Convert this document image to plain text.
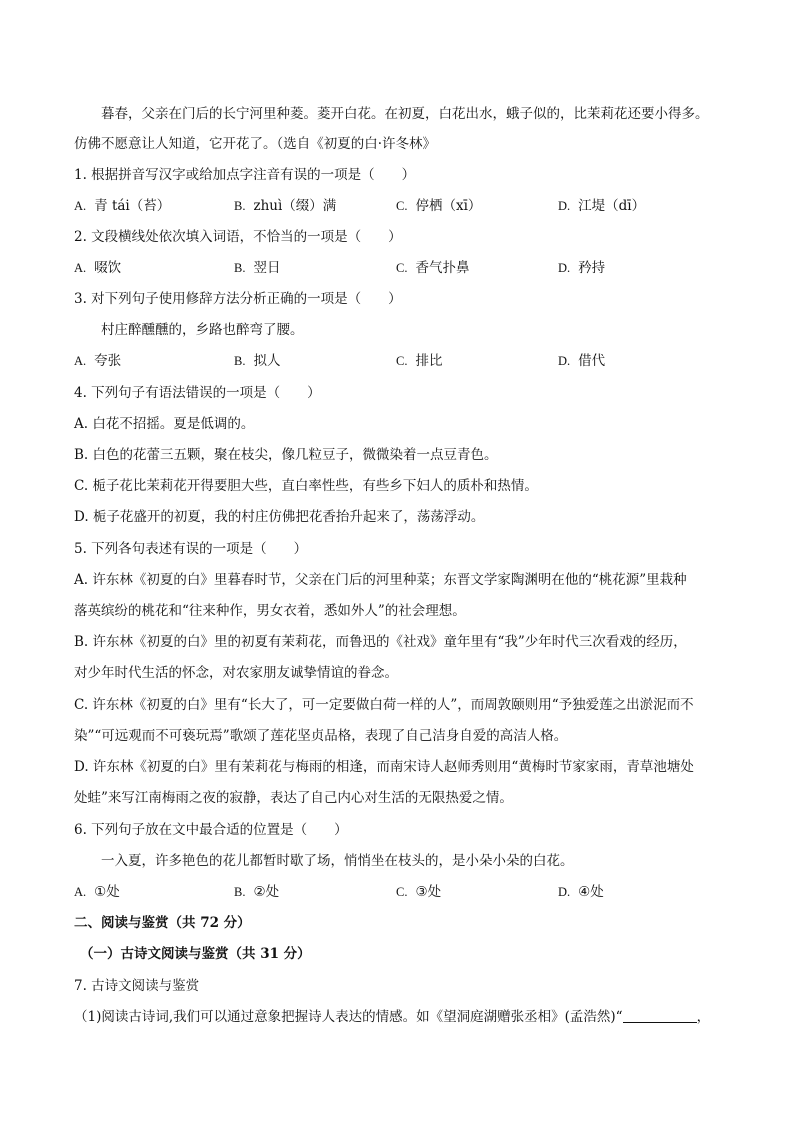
暮春，父亲在门后的长宁河里种菱。菱开白花。在初夏，白花出水，蛾子似的，比茉莉花还要小得多。
仿佛不愿意让人知道，它开花了。（选自《初夏的白·许冬林》
1. 根据拼音写汉字或给加点字注音有误的一项是（　　）
A. 青 tái（苔）	B. zhuì（缀）满	C. 停栖（xī）	D. 江堤（dī）
2. 文段横线处依次填入词语，不恰当的一项是（　　）
A. 啜饮	B. 翌日	C. 香气扑鼻	D. 矜持
3. 对下列句子使用修辞方法分析正确的一项是（　　）
村庄醉醺醺的，乡路也醉弯了腰。
A. 夸张	B. 拟人	C. 排比	D. 借代
4. 下列句子有语法错误的一项是（　　）
A. 白花不招摇。夏是低调的。
B. 白色的花蕾三五颗，聚在枝尖，像几粒豆子，微微染着一点豆青色。
C. 栀子花比茉莉花开得要胆大些，直白率性些，有些乡下妇人的质朴和热情。
D. 栀子花盛开的初夏，我的村庄仿佛把花香抬升起来了，荡荡浮动。
5. 下列各句表述有误的一项是（　　）
A. 许东林《初夏的白》里暮春时节，父亲在门后的河里种菜；东晋文学家陶渊明在他的“桃花源”里栽种
落英缤纷的桃花和“往来种作，男女衣着，悉如外人”的社会理想。
B. 许东林《初夏的白》里的初夏有茉莉花，而鲁迅的《社戏》童年里有“我”少年时代三次看戏的经历，
对少年时代生活的怀念，对农家朋友诚挚情谊的眷念。
C. 许东林《初夏的白》里有“长大了，可一定要做白荷一样的人”，而周敦颐则用“予独爱莲之出淤泥而不
染”“可远观而不可亵玩焉”歌颂了莲花坚贞品格，表现了自己洁身自爱的高洁人格。
D. 许东林《初夏的白》里有茉莉花与梅雨的相逢，而南宋诗人赵师秀则用“黄梅时节家家雨，青草池塘处
处蛙”来写江南梅雨之夜的寂静，表达了自己内心对生活的无限热爱之情。
6. 下列句子放在文中最合适的位置是（　　）
一入夏，许多艳色的花儿都暂时歇了场，悄悄坐在枝头的，是小朵小朵的白花。
A. ①处	B. ②处	C. ③处	D. ④处
二、阅读与鉴赏（共 72 分）
（一）古诗文阅读与鉴赏（共 31 分）
7. 古诗文阅读与鉴赏
（1)阅读古诗词,我们可以通过意象把握诗人表达的情感。如《望洞庭湖赠张丞相》(孟浩然)“	，
